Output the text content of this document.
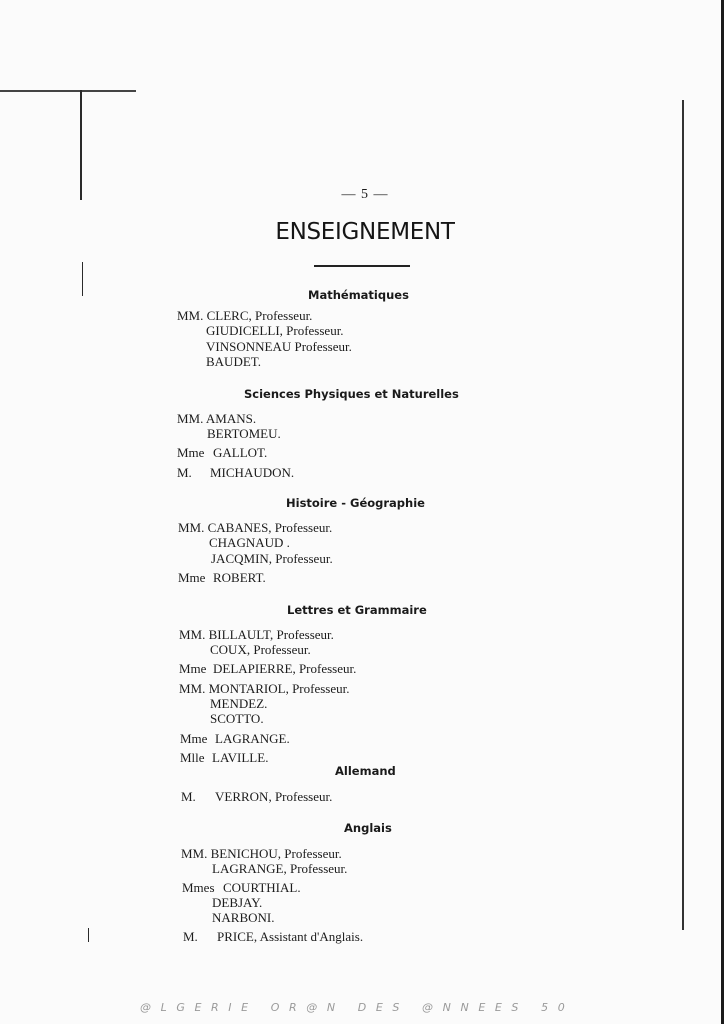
— 5 —
ENSEIGNEMENT
Mathématiques
MM. CLERC, Professeur.
GIUDICELLI, Professeur.
VINSONNEAU Professeur.
BAUDET.
Sciences Physiques et Naturelles
MM. AMANS.
BERTOMEU.
Mme GALLOT.
M. MICHAUDON.
Histoire - Géographie
MM. CABANES, Professeur.
CHAGNAUD .
JACQMIN, Professeur.
Mme ROBERT.
Lettres et Grammaire
MM. BILLAULT, Professeur.
COUX, Professeur.
Mme DELAPIERRE, Professeur.
MM. MONTARIOL, Professeur.
MENDEZ.
SCOTTO.
Mme LAGRANGE.
Mlle LAVILLE.
Allemand
M. VERRON, Professeur.
Anglais
MM. BENICHOU, Professeur.
LAGRANGE, Professeur.
Mmes COURTHIAL.
DEBJAY.
NARBONI.
M. PRICE, Assistant d'Anglais.
@LGERIE OR@N DES @NNEES 50
